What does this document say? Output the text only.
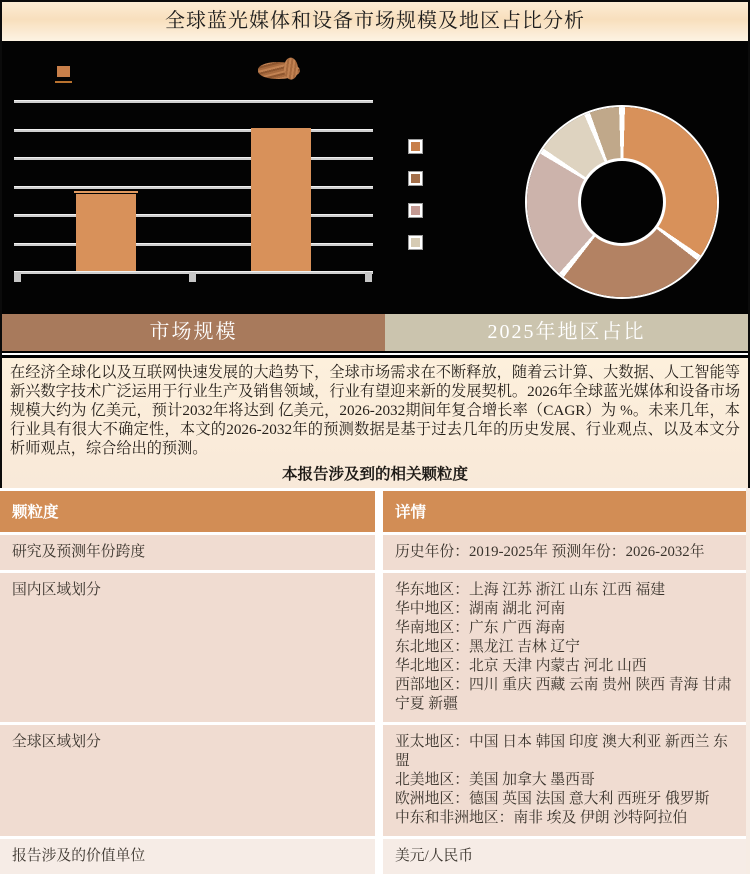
全球蓝光媒体和设备市场规模及地区占比分析
市场规模	2025年地区占比
在经济全球化以及互联网快速发展的大趋势下，全球市场需求在不断释放，随着云计算、大数据、人工智能等新兴数字技术广泛运用于行业生产及销售领域，行业有望迎来新的发展契机。2026年全球蓝光媒体和设备市场规模大约为 亿美元，预计2032年将达到 亿美元，2026-2032期间年复合增长率（CAGR）为 %。未来几年，本行业具有很大不确定性，本文的2026-2032年的预测数据是基于过去几年的历史发展、行业观点、以及本文分析师观点，综合给出的预测。
本报告涉及到的相关颗粒度
颗粒度	详情
研究及预测年份跨度	历史年份：2019-2025年 预测年份：2026-2032年
国内区域划分	华东地区：上海 江苏 浙江 山东 江西 福建
华中地区：湖南 湖北 河南
华南地区：广东 广西 海南
东北地区：黑龙江 吉林 辽宁
华北地区：北京 天津 内蒙古 河北 山西
西部地区：四川 重庆 西藏 云南 贵州 陕西 青海 甘肃 宁夏 新疆
全球区域划分	亚太地区：中国 日本 韩国 印度 澳大利亚 新西兰 东盟
北美地区：美国 加拿大 墨西哥
欧洲地区：德国 英国 法国 意大利 西班牙 俄罗斯
中东和非洲地区：南非 埃及 伊朗 沙特阿拉伯
报告涉及的价值单位	美元/人民币
